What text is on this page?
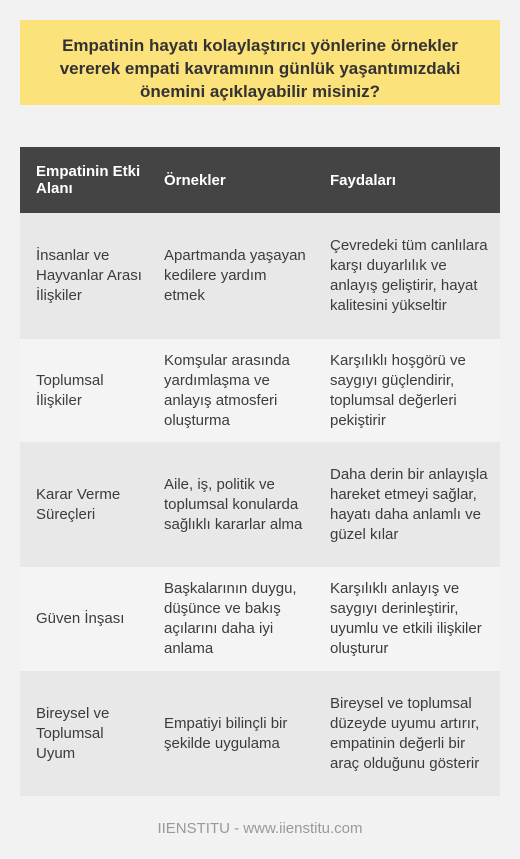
Empatinin hayatı kolaylaştırıcı yönlerine örnekler vererek empati kavramının günlük yaşantımızdaki önemini açıklayabilir misiniz?
Empatinin Etki Alanı	Örnekler	Faydaları
İnsanlar ve Hayvanlar Arası İlişkiler	Apartmanda yaşayan kedilere yardım etmek	Çevredeki tüm canlılara karşı duyarlılık ve anlayış geliştirir, hayat kalitesini yükseltir
Toplumsal İlişkiler	Komşular arasında yardımlaşma ve anlayış atmosferi oluşturma	Karşılıklı hoşgörü ve saygıyı güçlendirir, toplumsal değerleri pekiştirir
Karar Verme Süreçleri	Aile, iş, politik ve toplumsal konularda sağlıklı kararlar alma	Daha derin bir anlayışla hareket etmeyi sağlar, hayatı daha anlamlı ve güzel kılar
Güven İnşası	Başkalarının duygu, düşünce ve bakış açılarını daha iyi anlama	Karşılıklı anlayış ve saygıyı derinleştirir, uyumlu ve etkili ilişkiler oluşturur
Bireysel ve Toplumsal Uyum	Empatiyi bilinçli bir şekilde uygulama	Bireysel ve toplumsal düzeyde uyumu artırır, empatinin değerli bir araç olduğunu gösterir
IIENSTITU - www.iienstitu.com
